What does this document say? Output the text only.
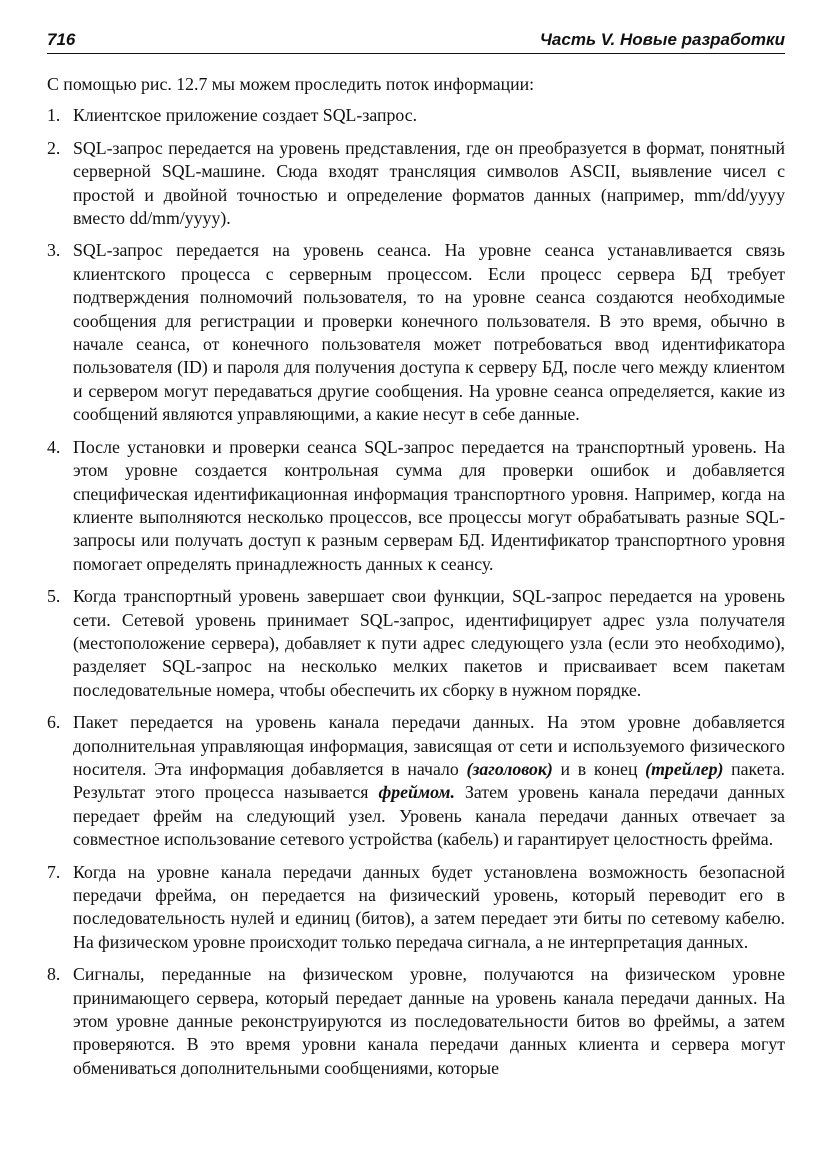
716	Часть V. Новые разработки

С помощью рис. 12.7 мы можем проследить поток информации:

1. Клиентское приложение создает SQL-запрос.
2. SQL-запрос передается на уровень представления, где он преобразуется в формат, понятный серверной SQL-машине. Сюда входят трансляция символов ASCII, выявление чисел с простой и двойной точностью и определение форматов данных (например, mm/dd/yyyy вместо dd/mm/yyyy).
3. SQL-запрос передается на уровень сеанса. На уровне сеанса устанавливается связь клиентского процесса с серверным процессом. Если процесс сервера БД требует подтверждения полномочий пользователя, то на уровне сеанса создаются необходимые сообщения для регистрации и проверки конечного пользователя. В это время, обычно в начале сеанса, от конечного пользователя может потребоваться ввод идентификатора пользователя (ID) и пароля для получения доступа к серверу БД, после чего между клиентом и сервером могут передаваться другие сообщения. На уровне сеанса определяется, какие из сообщений являются управляющими, а какие несут в себе данные.
4. После установки и проверки сеанса SQL-запрос передается на транспортный уровень. На этом уровне создается контрольная сумма для проверки ошибок и добавляется специфическая идентификационная информация транспортного уровня. Например, когда на клиенте выполняются несколько процессов, все процессы могут обрабатывать разные SQL-запросы или получать доступ к разным серверам БД. Идентификатор транспортного уровня помогает определять принадлежность данных к сеансу.
5. Когда транспортный уровень завершает свои функции, SQL-запрос передается на уровень сети. Сетевой уровень принимает SQL-запрос, идентифицирует адрес узла получателя (местоположение сервера), добавляет к пути адрес следующего узла (если это необходимо), разделяет SQL-запрос на несколько мелких пакетов и присваивает всем пакетам последовательные номера, чтобы обеспечить их сборку в нужном порядке.
6. Пакет передается на уровень канала передачи данных. На этом уровне добавляется дополнительная управляющая информация, зависящая от сети и используемого физического носителя. Эта информация добавляется в начало (заголовок) и в конец (трейлер) пакета. Результат этого процесса называется фреймом. Затем уровень канала передачи данных передает фрейм на следующий узел. Уровень канала передачи данных отвечает за совместное использование сетевого устройства (кабель) и гарантирует целостность фрейма.
7. Когда на уровне канала передачи данных будет установлена возможность безопасной передачи фрейма, он передается на физический уровень, который переводит его в последовательность нулей и единиц (битов), а затем передает эти биты по сетевому кабелю. На физическом уровне происходит только передача сигнала, а не интерпретация данных.
8. Сигналы, переданные на физическом уровне, получаются на физическом уровне принимающего сервера, который передает данные на уровень канала передачи данных. На этом уровне данные реконструируются из последовательности битов во фреймы, а затем проверяются. В это время уровни канала передачи данных клиента и сервера могут обмениваться дополнительными сообщениями, которые
